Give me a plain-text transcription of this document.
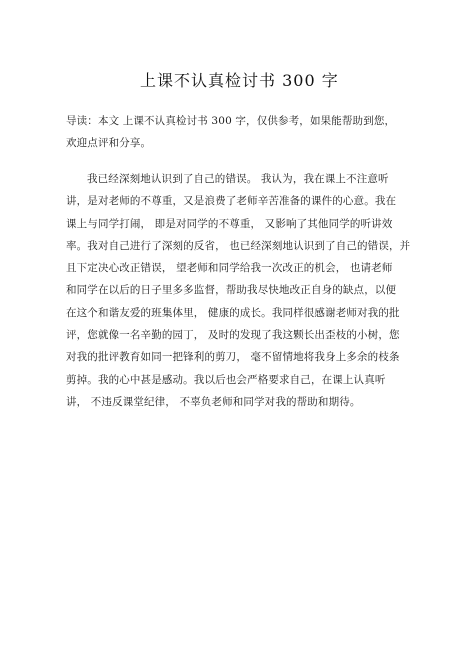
上课不认真检讨书 300 字
导读：本文 上课不认真检讨书 300 字，仅供参考，如果能帮助到您，
欢迎点评和分享。
我已经深刻地认识到了自己的错误。 我认为，我在课上不注意听
讲，是对老师的不尊重，又是浪费了老师辛苦准备的课件的心意。我在
课上与同学打闹， 即是对同学的不尊重， 又影响了其他同学的听讲效
率。我对自己进行了深刻的反省， 也已经深刻地认识到了自己的错误，并
且下定决心改正错误， 望老师和同学给我一次改正的机会， 也请老师
和同学在以后的日子里多多监督，帮助我尽快地改正自身的缺点，以便
在这个和谐友爱的班集体里， 健康的成长。我同样很感谢老师对我的批
评，您就像一名辛勤的园丁， 及时的发现了我这颗长出歪枝的小树，您
对我的批评教育如同一把锋利的剪刀， 毫不留情地将我身上多余的枝条
剪掉。我的心中甚是感动。我以后也会严格要求自己，在课上认真听
讲， 不违反课堂纪律， 不辜负老师和同学对我的帮助和期待。
